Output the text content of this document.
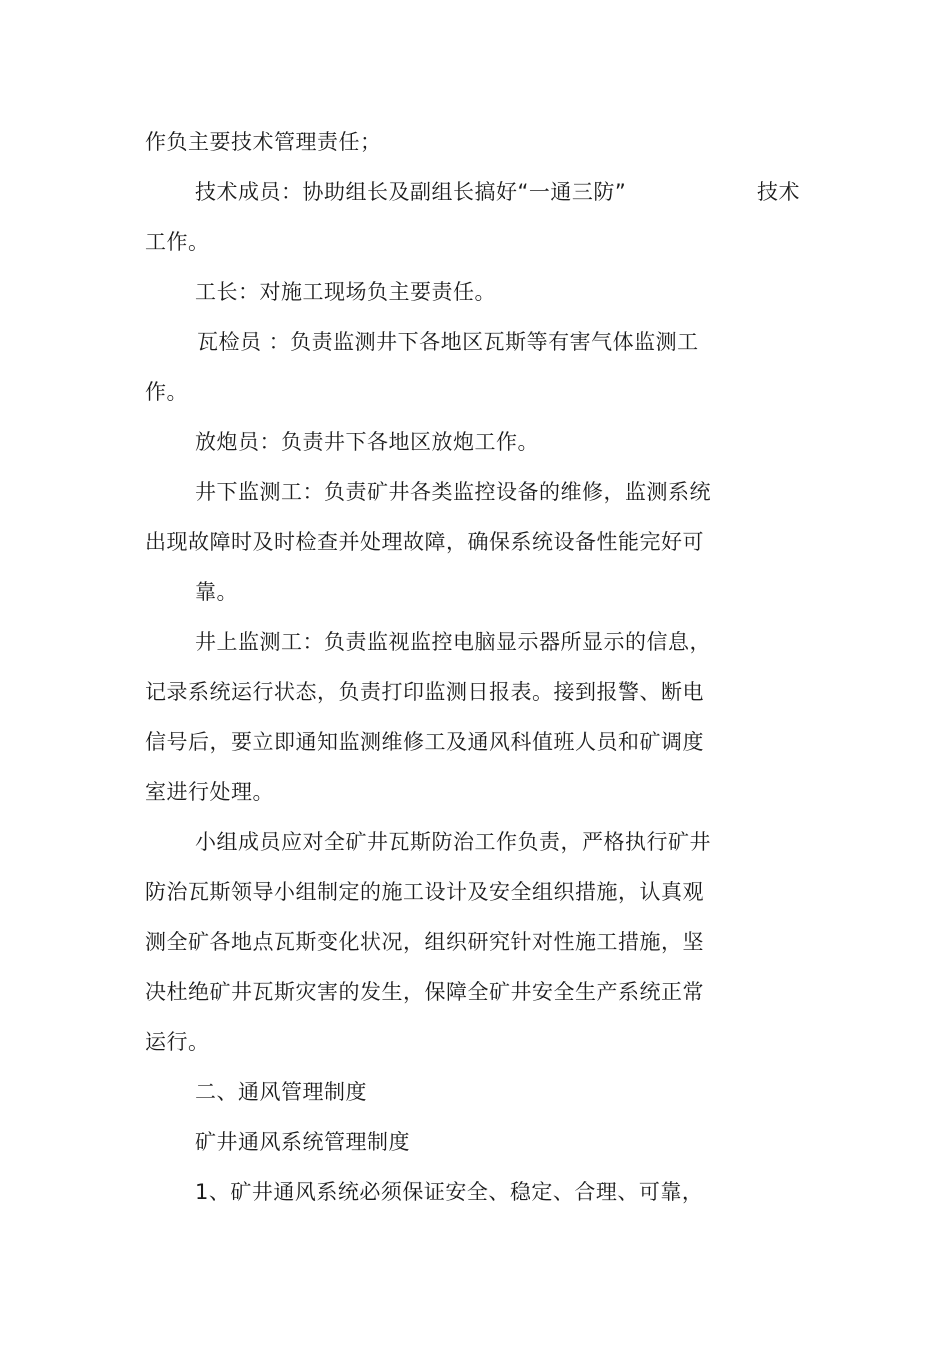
作负主要技术管理责任；

技术成员：协助组长及副组长搞好“一通三防”	技术

工作。

工长：对施工现场负主要责任。

瓦检员 ：负责监测井下各地区瓦斯等有害气体监测工

作。

放炮员：负责井下各地区放炮工作。

井下监测工：负责矿井各类监控设备的维修，监测系统

出现故障时及时检查并处理故障，确保系统设备性能完好可

靠。

井上监测工：负责监视监控电脑显示器所显示的信息，

记录系统运行状态，负责打印监测日报表。接到报警、断电

信号后，要立即通知监测维修工及通风科值班人员和矿调度

室进行处理。

小组成员应对全矿井瓦斯防治工作负责，严格执行矿井

防治瓦斯领导小组制定的施工设计及安全组织措施，认真观

测全矿各地点瓦斯变化状况，组织研究针对性施工措施，坚

决杜绝矿井瓦斯灾害的发生，保障全矿井安全生产系统正常

运行。

二、通风管理制度

矿井通风系统管理制度

1、矿井通风系统必须保证安全、稳定、合理、可靠，
